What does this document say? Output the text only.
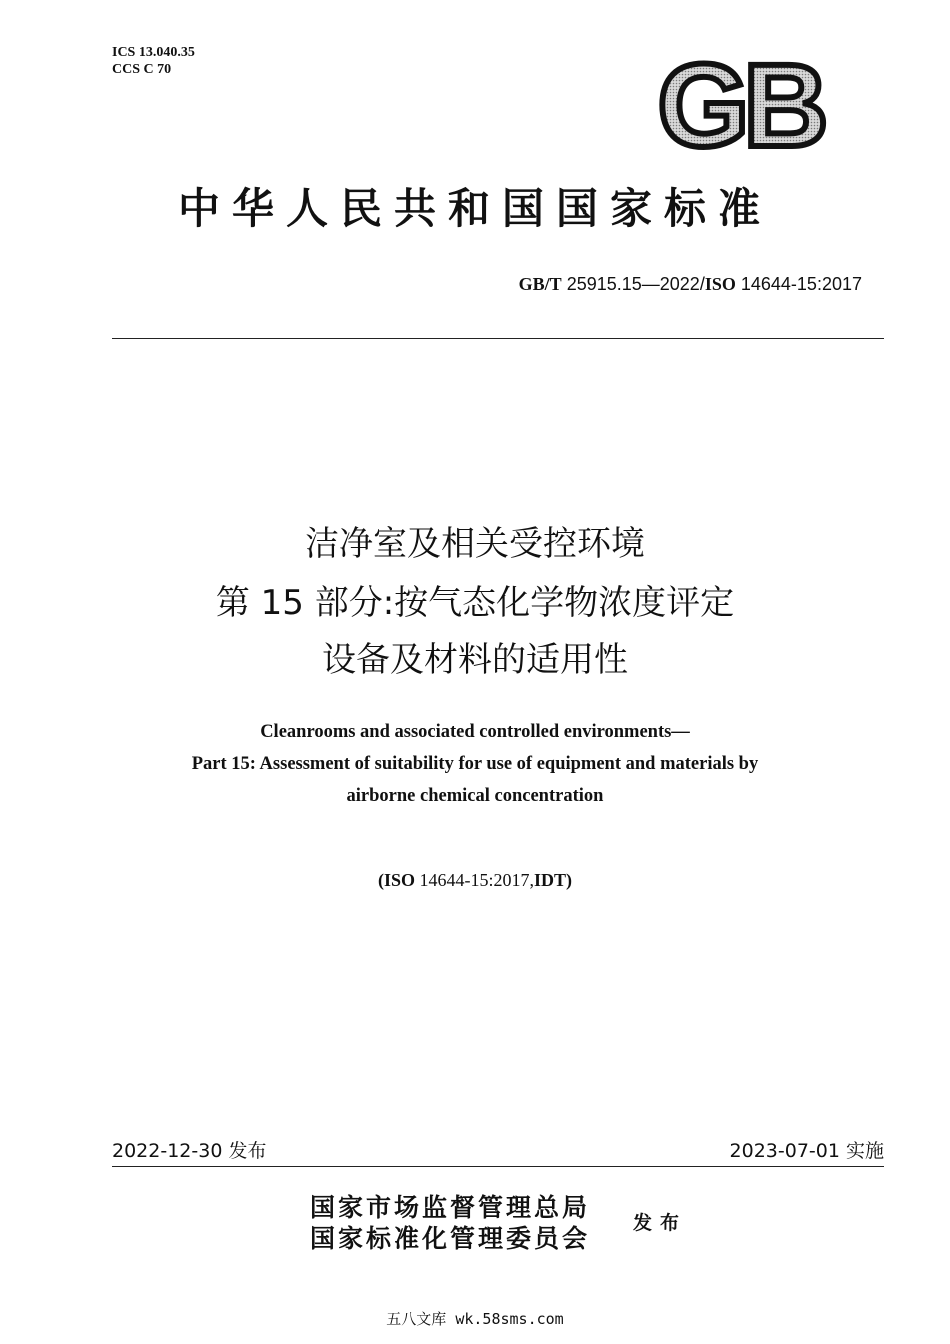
ICS 13.040.35
CCS C 70	GB
中华人民共和国国家标准
GB/T 25915.15—2022/ISO 14644-15:2017
洁净室及相关受控环境
第 15 部分:按气态化学物浓度评定
设备及材料的适用性
Cleanrooms and associated controlled environments—
Part 15: Assessment of suitability for use of equipment and materials by
airborne chemical concentration
(ISO 14644-15:2017,IDT)
2022-12-30 发布	2023-07-01 实施
国家市场监督管理总局
国家标准化管理委员会
发布
五八文库 wk.58sms.com
